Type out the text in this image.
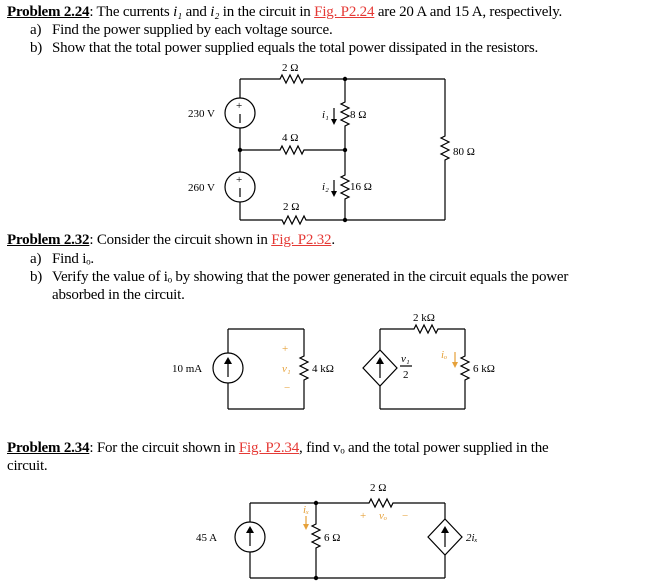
Problem 2.24: The currents i₁ and i₂ in the circuit in Fig. P2.24 are 20 A and 15 A, respectively.
a) Find the power supplied by each voltage source.
b) Show that the total power supplied equals the total power dissipated in the resistors.
Problem 2.32: Consider the circuit shown in Fig. P2.32.
a) Find iₒ.
b) Verify the value of iₒ by showing that the power generated in the circuit equals the power
absorbed in the circuit.
Problem 2.34: For the circuit shown in Fig. P2.34, find vₒ and the total power supplied in the
circuit.
+
230 V
4 Ω
+
260 V
2 Ω
2 Ω
i₁ 8 Ω
i₂ 16 Ω
80 Ω
10 mA	4 kΩ
+
v₁
−
v₁
2
2 kΩ
6 kΩ
iₒ
45 A	6 Ω
iₓ
2 Ω
+ vₒ −
2iₓ
